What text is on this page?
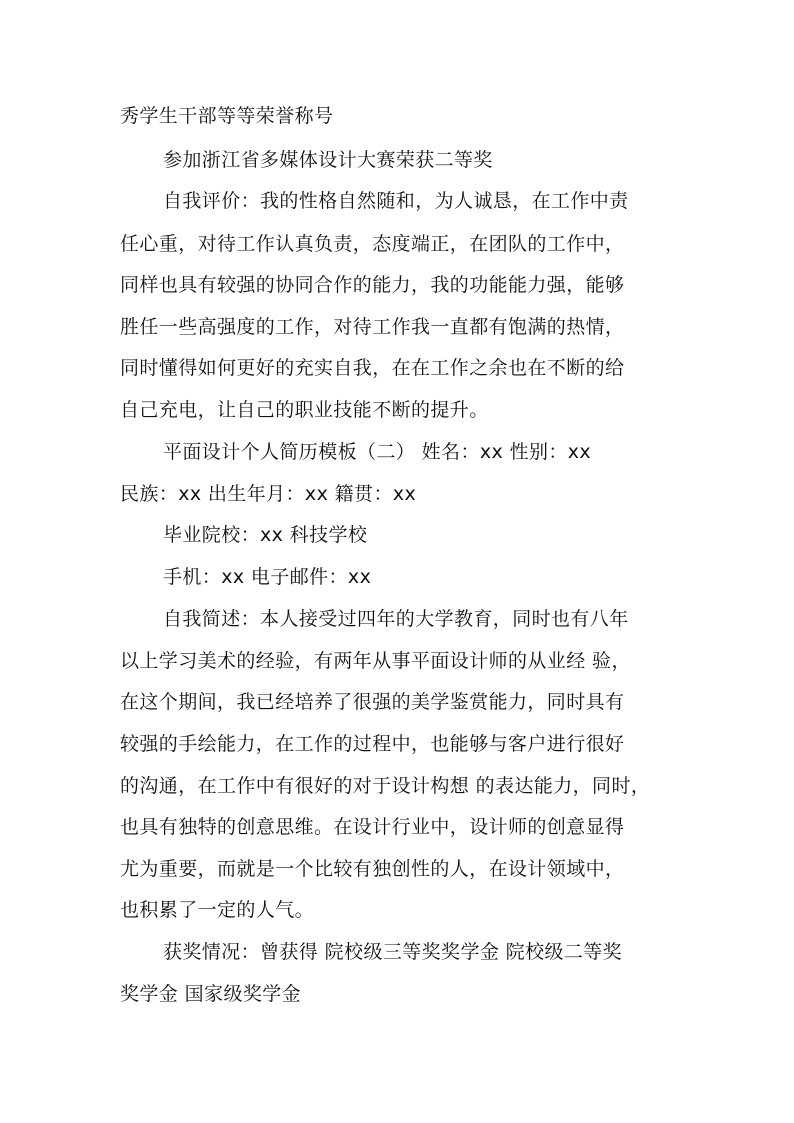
秀学生干部等等荣誉称号
参加浙江省多媒体设计大赛荣获二等奖
自我评价：我的性格自然随和，为人诚恳，在工作中责
任心重，对待工作认真负责，态度端正，在团队的工作中，
同样也具有较强的协同合作的能力，我的功能能力强，能够
胜任一些高强度的工作，对待工作我一直都有饱满的热情，
同时懂得如何更好的充实自我，在在工作之余也在不断的给
自己充电，让自己的职业技能不断的提升。
平面设计个人简历模板（二） 姓名：xx 性别：xx
民族：xx 出生年月：xx 籍贯：xx
毕业院校：xx 科技学校
手机：xx 电子邮件：xx
自我简述：本人接受过四年的大学教育，同时也有八年
以上学习美术的经验，有两年从事平面设计师的从业经 验，
在这个期间，我已经培养了很强的美学鉴赏能力，同时具有
较强的手绘能力，在工作的过程中，也能够与客户进行很好
的沟通，在工作中有很好的对于设计构想 的表达能力，同时，
也具有独特的创意思维。在设计行业中，设计师的创意显得
尤为重要，而就是一个比较有独创性的人，在设计领域中，
也积累了一定的人气。
获奖情况：曾获得 院校级三等奖奖学金 院校级二等奖
奖学金 国家级奖学金
